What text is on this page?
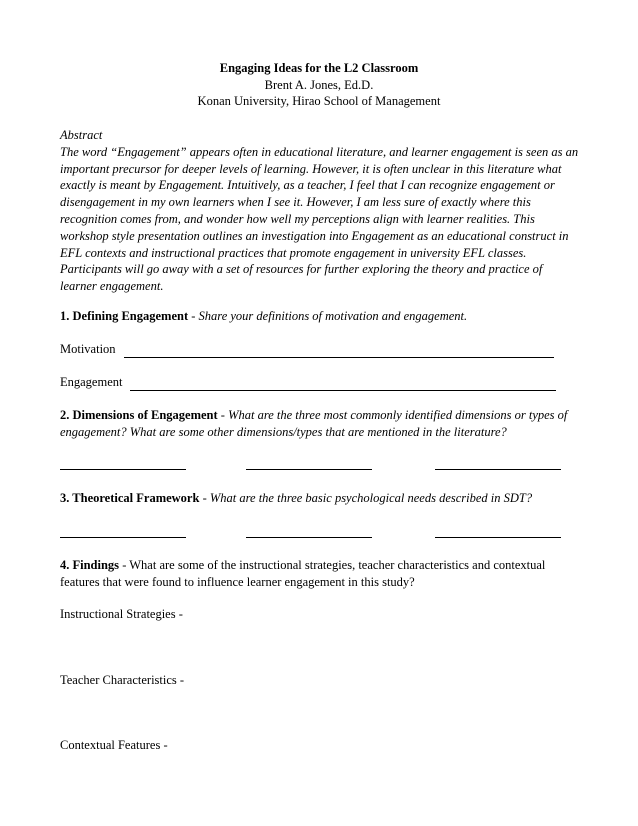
Engaging Ideas for the L2 Classroom
Brent A. Jones, Ed.D.
Konan University, Hirao School of Management

Abstract

The word “Engagement” appears often in educational literature, and learner engagement is seen as an important precursor for deeper levels of learning. However, it is often unclear in this literature what exactly is meant by Engagement. Intuitively, as a teacher, I feel that I can recognize engagement or disengagement in my own learners when I see it. However, I am less sure of exactly where this recognition comes from, and wonder how well my perceptions align with learner realities. This workshop style presentation outlines an investigation into Engagement as an educational construct in EFL contexts and instructional practices that promote engagement in university EFL classes. Participants will go away with a set of resources for further exploring the theory and practice of learner engagement.

1. Defining Engagement - Share your definitions of motivation and engagement.
Motivation
Engagement
2. Dimensions of Engagement - What are the three most commonly identified dimensions or types of engagement? What are some other dimensions/types that are mentioned in the literature?
3. Theoretical Framework - What are the three basic psychological needs described in SDT?
4. Findings - What are some of the instructional strategies, teacher characteristics and contextual features that were found to influence learner engagement in this study?
Instructional Strategies -
Teacher Characteristics -
Contextual Features -
